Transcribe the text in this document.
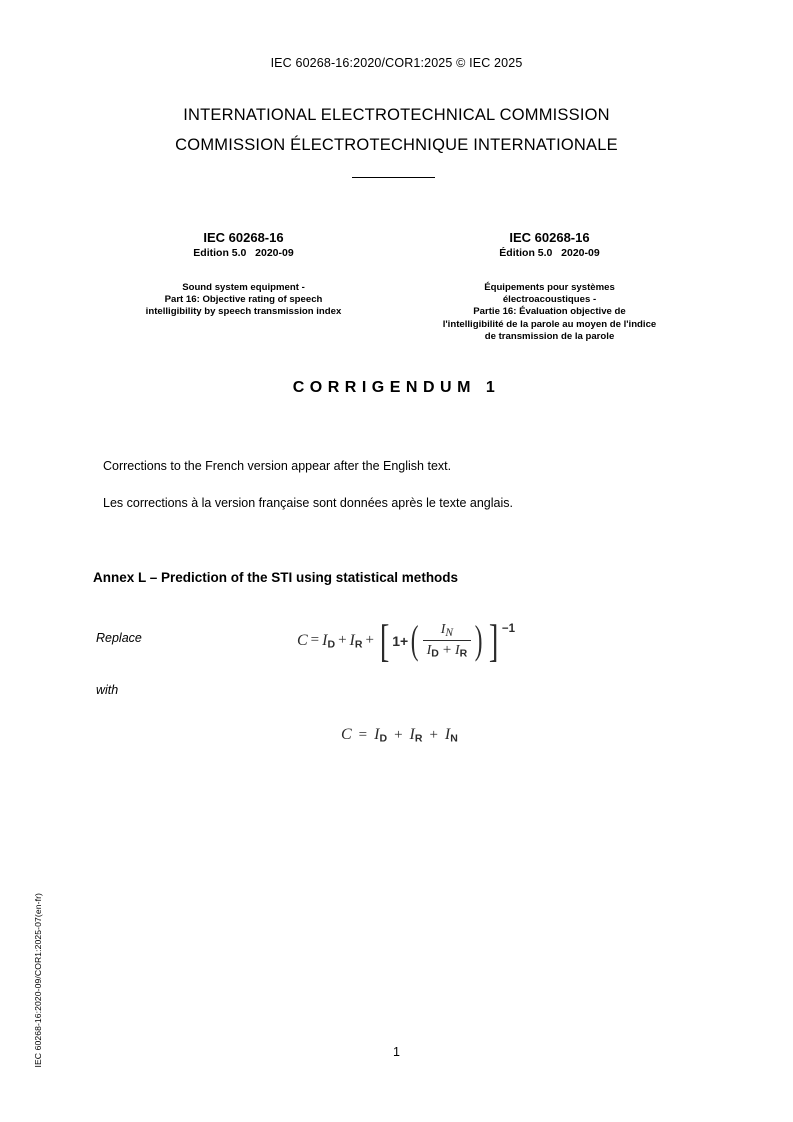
IEC 60268-16:2020/COR1:2025 © IEC 2025
INTERNATIONAL ELECTROTECHNICAL COMMISSION
COMMISSION ÉLECTROTECHNIQUE INTERNATIONALE
IEC 60268-16
Edition 5.0   2020-09
Sound system equipment -
Part 16: Objective rating of speech
intelligibility by speech transmission index
IEC 60268-16
Édition 5.0   2020-09
Équipements pour systèmes
électroacoustiques -
Partie 16: Évaluation objective de
l'intelligibilité de la parole au moyen de l'indice
de transmission de la parole
CORRIGENDUM 1
Corrections to the French version appear after the English text.
Les corrections à la version française sont données après le texte anglais.
Annex L – Prediction of the STI using statistical methods
Replace
with
$C = I_D + I_R$ + [ 1 + ( $\frac{I_N}{I_D + I_R}$ ) ] −1
$C = I_D + I_R + I_N$
IEC 60268-16:2020-09/COR1:2025-07(en-fr)	1
